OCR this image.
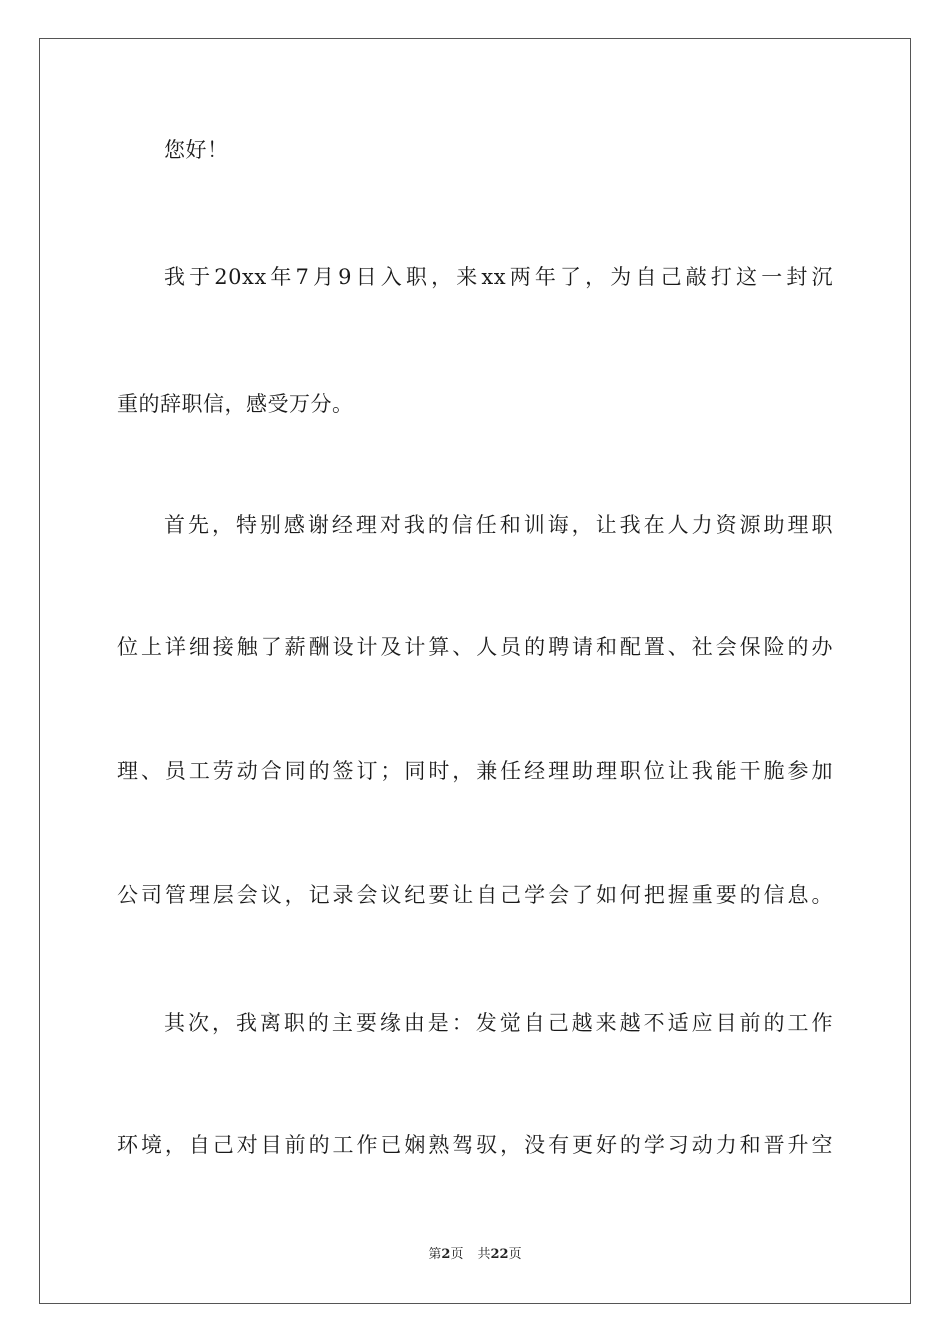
您好！
我于20xx年7月9日入职，来xx两年了，为自己敲打这一封沉
重的辞职信，感受万分。
首先，特别感谢经理对我的信任和训诲，让我在人力资源助理职
位上详细接触了薪酬设计及计算、人员的聘请和配置、社会保险的办
理、员工劳动合同的签订；同时，兼任经理助理职位让我能干脆参加
公司管理层会议，记录会议纪要让自己学会了如何把握重要的信息。
其次，我离职的主要缘由是：发觉自己越来越不适应目前的工作
环境，自己对目前的工作已娴熟驾驭，没有更好的学习动力和晋升空
第2页 共22页
